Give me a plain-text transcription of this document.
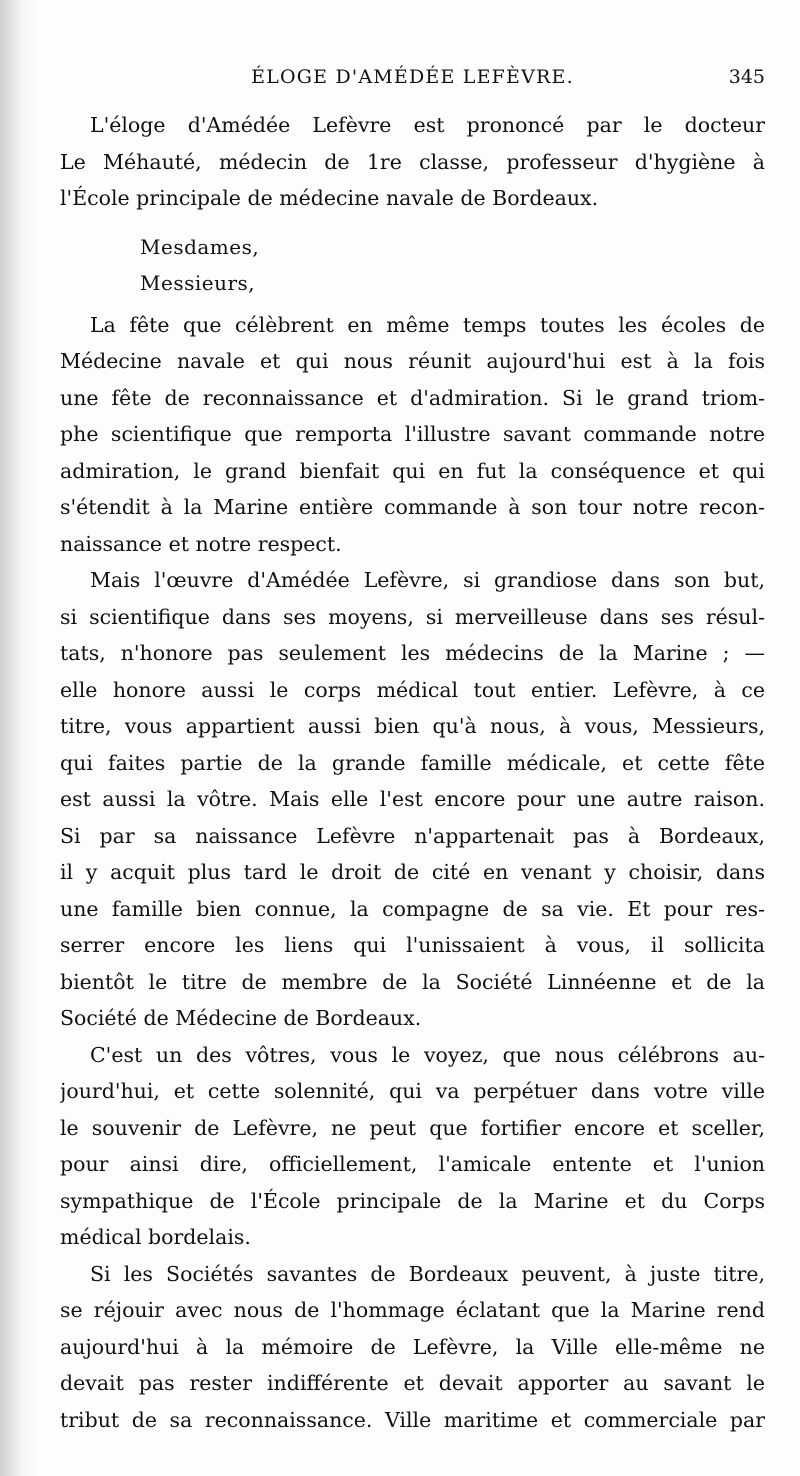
ÉLOGE D'AMÉDÉE LEFÈVRE.	345
L'éloge d'Amédée Lefèvre est prononcé par le docteur
Le Méhauté, médecin de 1re classe, professeur d'hygiène à
l'École principale de médecine navale de Bordeaux.
Mesdames,
Messieurs,
La fête que célèbrent en même temps toutes les écoles de
Médecine navale et qui nous réunit aujourd'hui est à la fois
une fête de reconnaissance et d'admiration. Si le grand triom-
phe scientifique que remporta l'illustre savant commande notre
admiration, le grand bienfait qui en fut la conséquence et qui
s'étendit à la Marine entière commande à son tour notre recon-
naissance et notre respect.
Mais l'œuvre d'Amédée Lefèvre, si grandiose dans son but,
si scientifique dans ses moyens, si merveilleuse dans ses résul-
tats, n'honore pas seulement les médecins de la Marine ; —
elle honore aussi le corps médical tout entier. Lefèvre, à ce
titre, vous appartient aussi bien qu'à nous, à vous, Messieurs,
qui faites partie de la grande famille médicale, et cette fête
est aussi la vôtre. Mais elle l'est encore pour une autre raison.
Si par sa naissance Lefèvre n'appartenait pas à Bordeaux,
il y acquit plus tard le droit de cité en venant y choisir, dans
une famille bien connue, la compagne de sa vie. Et pour res-
serrer encore les liens qui l'unissaient à vous, il sollicita
bientôt le titre de membre de la Société Linnéenne et de la
Société de Médecine de Bordeaux.
C'est un des vôtres, vous le voyez, que nous célébrons au-
jourd'hui, et cette solennité, qui va perpétuer dans votre ville
le souvenir de Lefèvre, ne peut que fortifier encore et sceller,
pour ainsi dire, officiellement, l'amicale entente et l'union
sympathique de l'École principale de la Marine et du Corps
médical bordelais.
Si les Sociétés savantes de Bordeaux peuvent, à juste titre,
se réjouir avec nous de l'hommage éclatant que la Marine rend
aujourd'hui à la mémoire de Lefèvre, la Ville elle-même ne
devait pas rester indifférente et devait apporter au savant le
tribut de sa reconnaissance. Ville maritime et commerciale par
